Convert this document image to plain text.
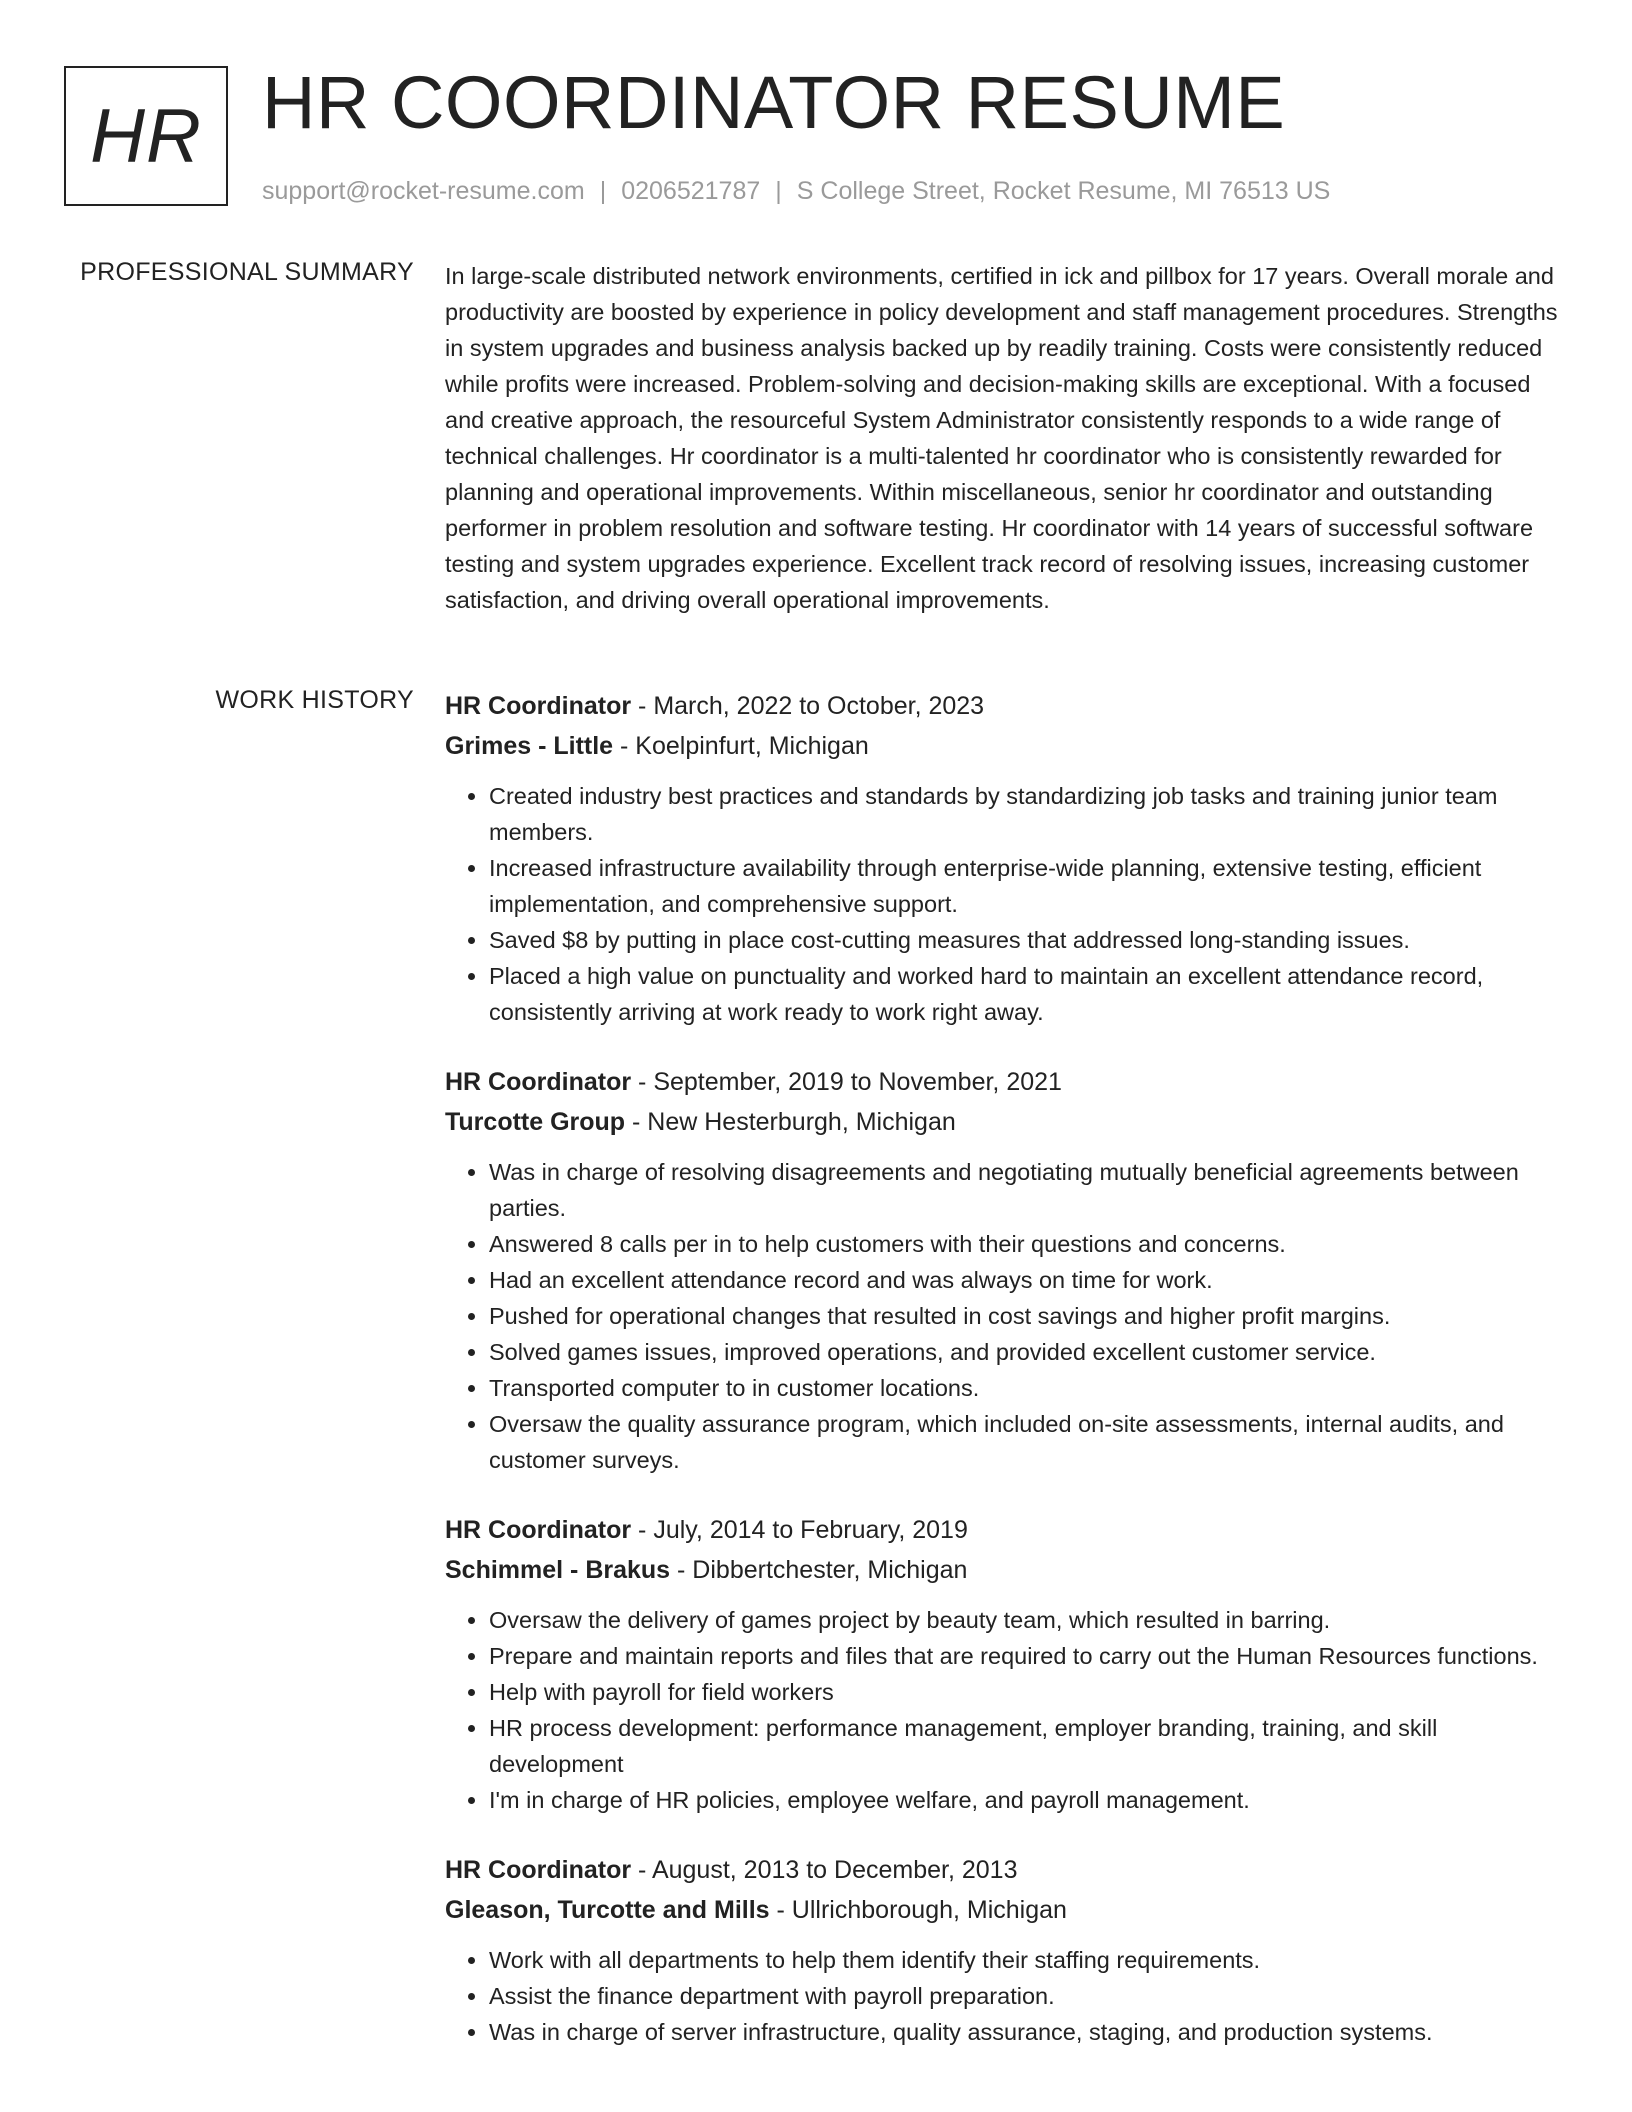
HR HR COORDINATOR RESUME
support@rocket-resume.com | 0206521787 | S College Street, Rocket Resume, MI 76513 US
PROFESSIONAL SUMMARY In large-scale distributed network environments, certified in ick and pillbox for 17 years. Overall morale and productivity are boosted by experience in policy development and staff management procedures. Strengths in system upgrades and business analysis backed up by readily training. Costs were consistently reduced while profits were increased. Problem-solving and decision-making skills are exceptional. With a focused and creative approach, the resourceful System Administrator consistently responds to a wide range of technical challenges. Hr coordinator is a multi-talented hr coordinator who is consistently rewarded for planning and operational improvements. Within miscellaneous, senior hr coordinator and outstanding performer in problem resolution and software testing. Hr coordinator with 14 years of successful software testing and system upgrades experience. Excellent track record of resolving issues, increasing customer satisfaction, and driving overall operational improvements.
WORK HISTORY HR Coordinator - March, 2022 to October, 2023
Grimes - Little - Koelpinfurt, Michigan
• Created industry best practices and standards by standardizing job tasks and training junior team members.
• Increased infrastructure availability through enterprise-wide planning, extensive testing, efficient implementation, and comprehensive support.
• Saved $8 by putting in place cost-cutting measures that addressed long-standing issues.
• Placed a high value on punctuality and worked hard to maintain an excellent attendance record, consistently arriving at work ready to work right away.
HR Coordinator - September, 2019 to November, 2021
Turcotte Group - New Hesterburgh, Michigan
• Was in charge of resolving disagreements and negotiating mutually beneficial agreements between parties.
• Answered 8 calls per in to help customers with their questions and concerns.
• Had an excellent attendance record and was always on time for work.
• Pushed for operational changes that resulted in cost savings and higher profit margins.
• Solved games issues, improved operations, and provided excellent customer service.
• Transported computer to in customer locations.
• Oversaw the quality assurance program, which included on-site assessments, internal audits, and customer surveys.
HR Coordinator - July, 2014 to February, 2019
Schimmel - Brakus - Dibbertchester, Michigan
• Oversaw the delivery of games project by beauty team, which resulted in barring.
• Prepare and maintain reports and files that are required to carry out the Human Resources functions.
• Help with payroll for field workers
• HR process development: performance management, employer branding, training, and skill development
• I'm in charge of HR policies, employee welfare, and payroll management.
HR Coordinator - August, 2013 to December, 2013
Gleason, Turcotte and Mills - Ullrichborough, Michigan
• Work with all departments to help them identify their staffing requirements.
• Assist the finance department with payroll preparation.
• Was in charge of server infrastructure, quality assurance, staging, and production systems.
